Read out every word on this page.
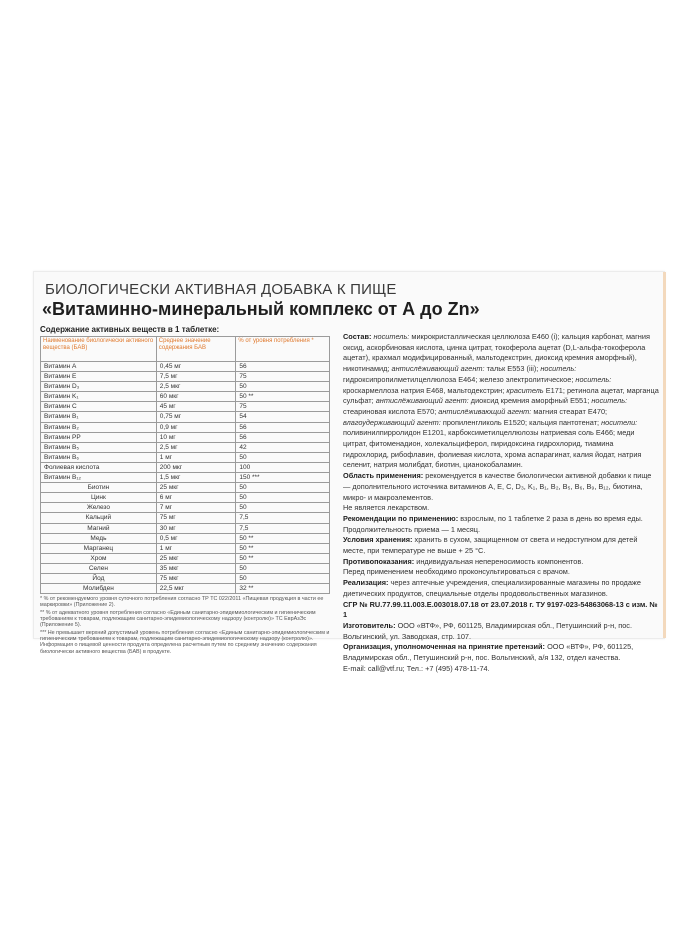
БИОЛОГИЧЕСКИ АКТИВНАЯ ДОБАВКА К ПИЩЕ
«Витаминно-минеральный комплекс от А до Zn»
Содержание активных веществ в 1 таблетке:
Наименование биологически активного вещества (БАВ)	Среднее значение содержания БАВ	% от уровня потребления *
Витамин А	0,45 мг	56
Витамин Е	7,5 мг	75
Витамин D₃	2,5 мкг	50
Витамин K₁	60 мкг	50 **
Витамин С	45 мг	75
Витамин B₁	0,75 мг	54
Витамин B₂	0,9 мг	56
Витамин РР	10 мг	56
Витамин B₅	2,5 мг	42
Витамин B₆	1 мг	50
Фолиевая кислота	200 мкг	100
Витамин B₁₂	1,5 мкг	150 ***
Биотин	25 мкг	50
Цинк	6 мг	50
Железо	7 мг	50
Кальций	75 мг	7,5
Магний	30 мг	7,5
Медь	0,5 мг	50 **
Марганец	1 мг	50 **
Хром	25 мкг	50 **
Селен	35 мкг	50
Йод	75 мкг	50
Молибден	22,5 мкг	32 **

* % от рекомендуемого уровня суточного потребления согласно ТР ТС 022/2011 «Пищевая продукция в части ее маркировки» (Приложение 2).

** % от адекватного уровня потребления согласно «Единым санитарно-эпидемиологическим и гигиеническим требованиям к товарам, подлежащим санитарно-эпидемиологическому надзору (контролю)» ТС ЕврАзЭс (Приложение 5).

*** Не превышает верхний допустимый уровень потребления согласно «Единым санитарно-эпидемиологическим и гигиеническим требованиям к товарам, подлежащим санитарно-эпидемиологическому надзору (контролю)». Информация о пищевой ценности продукта определена расчетным путем по среднему значению содержания биологически активного вещества (БАВ) в продукте.

Состав: носитель: микрокристаллическая целлюлоза Е460 (i); кальция карбонат, магния оксид, аскорбиновая кислота, цинка цитрат, токоферола ацетат (D,L-альфа-токоферола ацетат), крахмал модифицированный, мальтодекстрин, диоксид кремния аморфный), никотинамид; антислёживающий агент: тальк Е553 (iii); носитель: гидроксипропилметилцеллюлоза Е464; железо электролитическое; носитель: кроскармеллоза натрия Е468, мальтодекстрин; краситель Е171; ретинола ацетат, марганца сульфат; антислёживающий агент: диоксид кремния аморфный Е551; носитель: стеариновая кислота Е570; антислёживающий агент: магния стеарат Е470; влагоудерживающий агент: пропиленгликоль Е1520; кальция пантотенат; носители: поливинилпирролидон Е1201, карбоксиметилцеллюлозы натриевая соль Е466; меди цитрат, фитоменадион, холекальциферол, пиридоксина гидрохлорид, тиамина гидрохлорид, рибофлавин, фолиевая кислота, хрома аспарагинат, калия йодат, натрия селенит, натрия молибдат, биотин, цианокобаламин.

Область применения: рекомендуется в качестве биологически активной добавки к пище — дополнительного источника витаминов А, Е, С, D₃, K₁, B₁, B₂, B₅, B₆, B₉, B₁₂, биотина, микро- и макроэлементов.

Не является лекарством.

Рекомендации по применению: взрослым, по 1 таблетке 2 раза в день во время еды.

Продолжительность приема — 1 месяц.

Условия хранения: хранить в сухом, защищенном от света и недоступном для детей месте, при температуре не выше + 25 °С.

Противопоказания: индивидуальная непереносимость компонентов.

Перед применением необходимо проконсультироваться с врачом.

Реализация: через аптечные учреждения, специализированные магазины по продаже диетических продуктов, специальные отделы продовольственных магазинов.

СГР № RU.77.99.11.003.Е.003018.07.18 от 23.07.2018 г. ТУ 9197-023-54863068-13 с изм. № 1

Изготовитель: ООО «ВТФ», РФ, 601125, Владимирская обл., Петушинский р-н, пос. Вольгинский, ул. Заводская, стр. 107.

Организация, уполномоченная на принятие претензий: ООО «ВТФ», РФ, 601125, Владимирская обл., Петушинский р-н, пос. Вольгинский, а/я 132, отдел качества.

E-mail: call@vtf.ru; Тел.: +7 (495) 478-11-74.
